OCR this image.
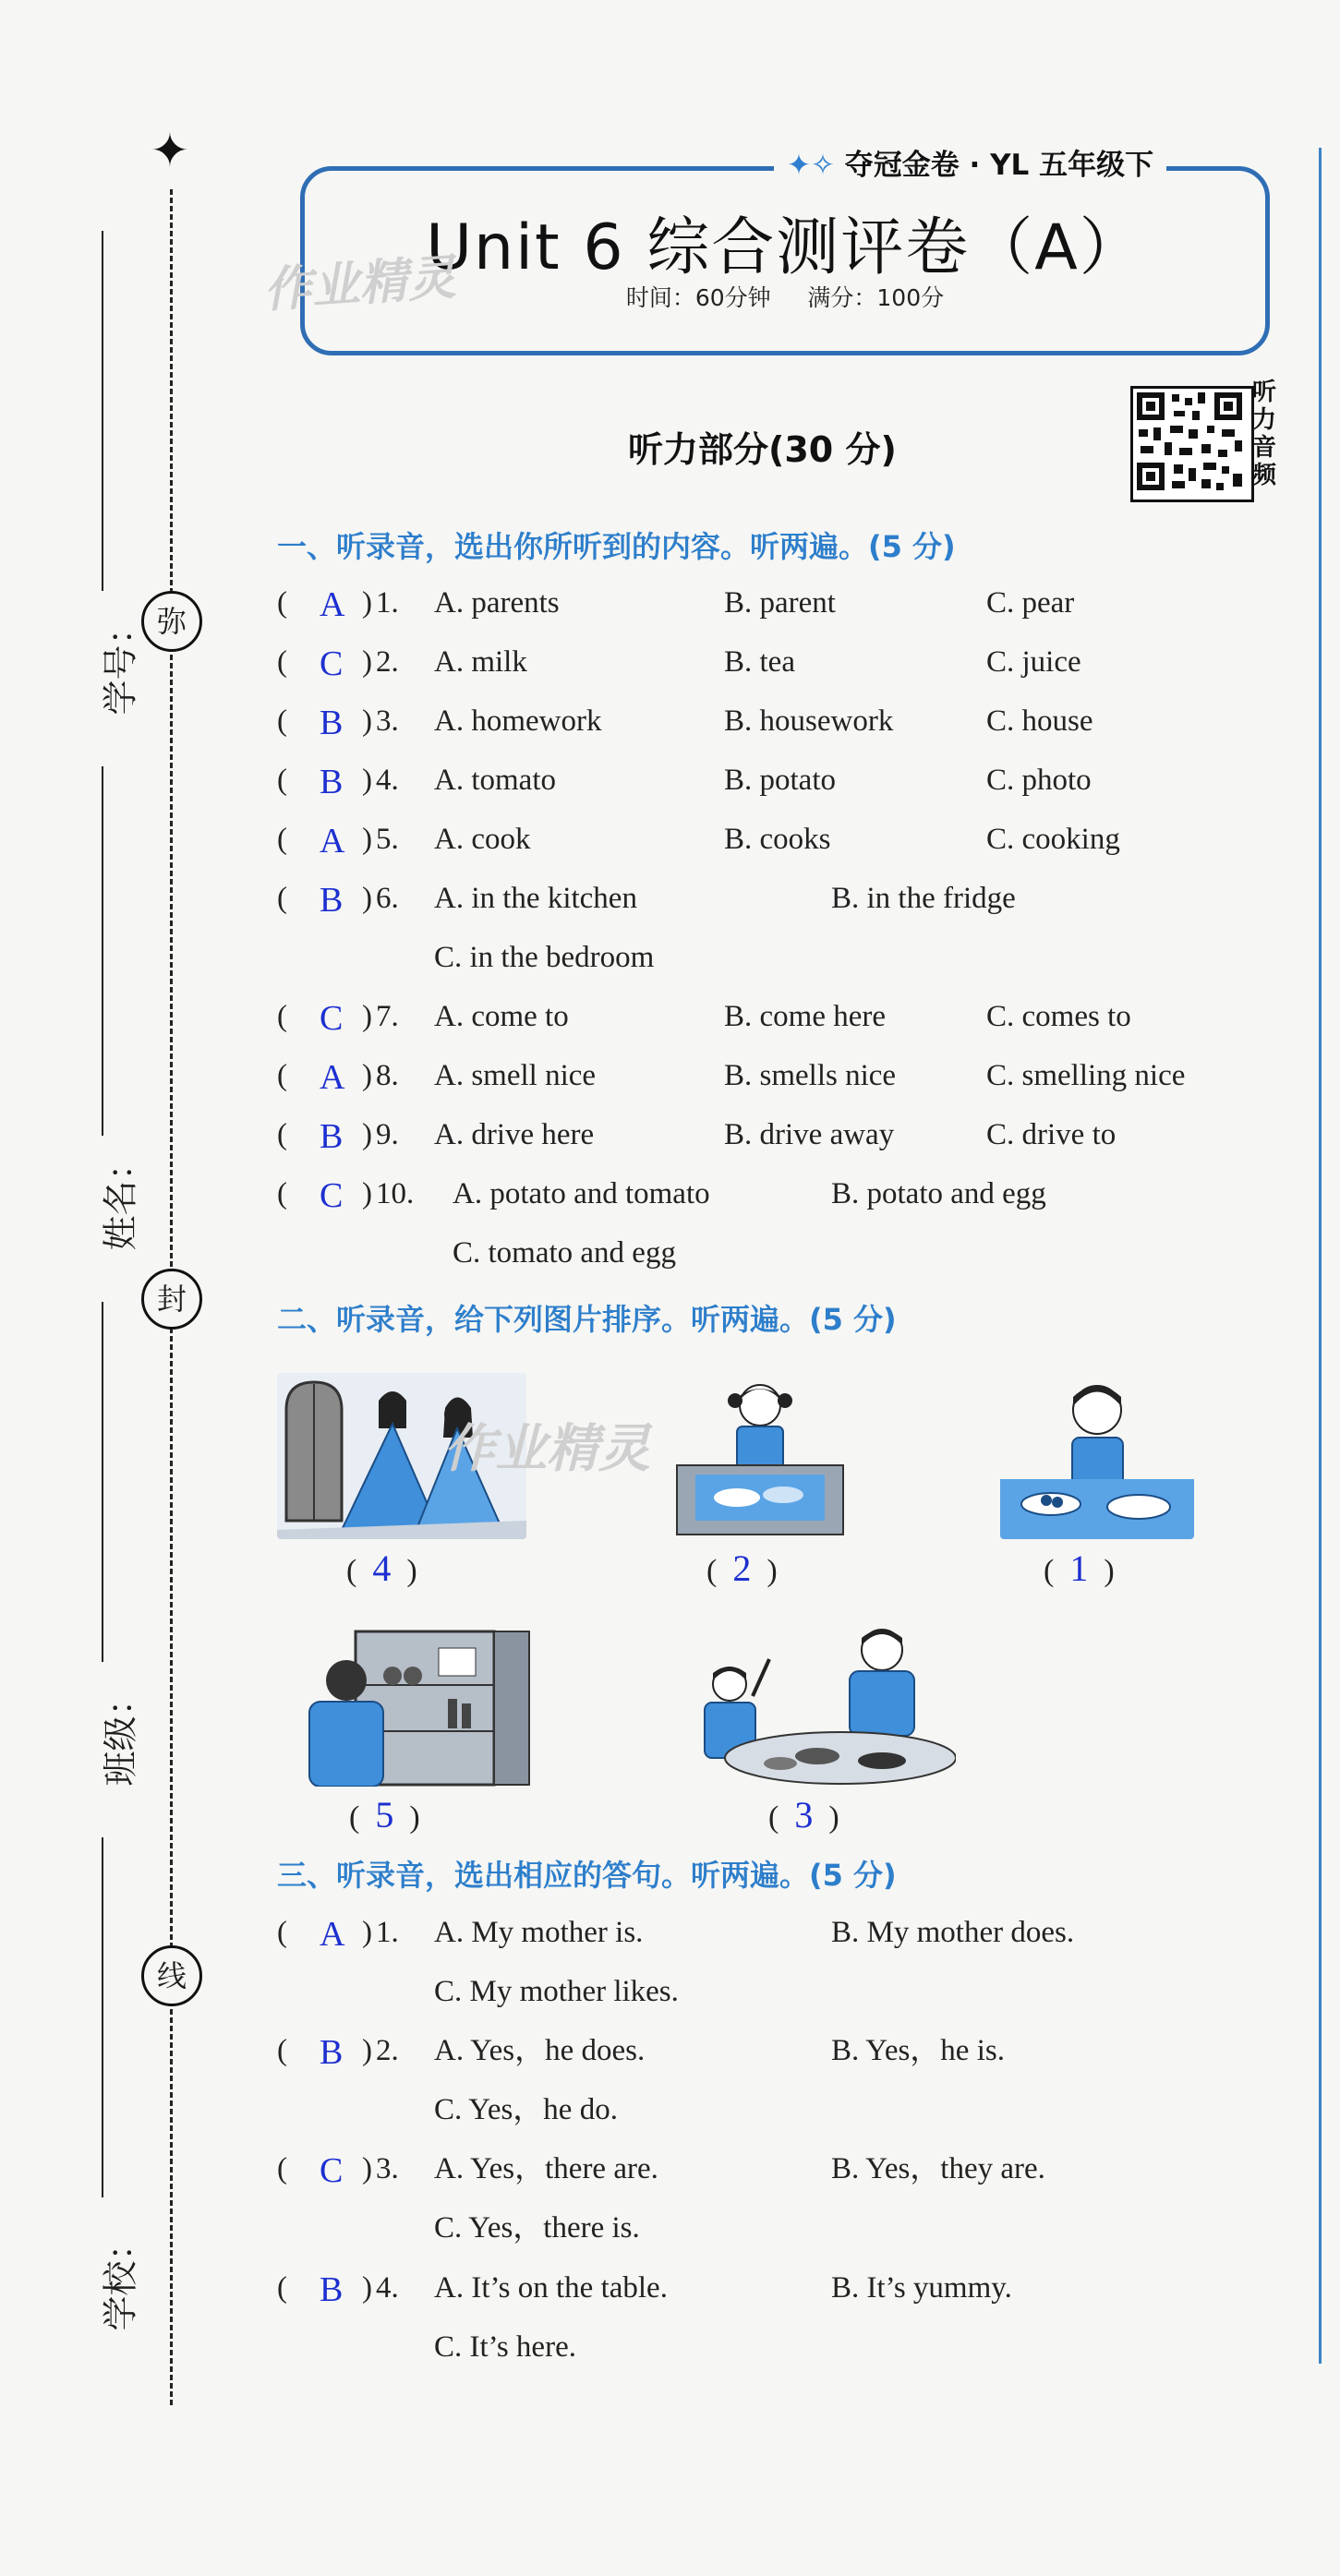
✦
弥
封
线
学号：
姓名：
班级：
学校：
✦✧ 夺冠金卷 · YL 五年级下
Unit 6 综合测评卷（A）
作业精灵	时间：60分钟 满分：100分
听力部分(30 分)
听
力
音
频
一、听录音，选出你所听到的内容。听两遍。(5 分)
( A ) 1. A. parents	B. parent	C. pear
( C ) 2. A. milk	B. tea	C. juice
( B ) 3. A. homework	B. housework	C. house
( B ) 4. A. tomato	B. potato	C. photo
( A ) 5. A. cook	B. cooks	C. cooking
( B ) 6. A. in the kitchen	B. in the fridge
C. in the bedroom
( C ) 7. A. come to	B. come here	C. comes to
( A ) 8. A. smell nice	B. smells nice	C. smelling nice
( B ) 9. A. drive here	B. drive away	C. drive to
( C ) 10. A. potato and tomato	B. potato and egg
C. tomato and egg
二、听录音，给下列图片排序。听两遍。(5 分)
作业精灵
(  4  )	(  2  )	(  1  )
(  5  )	(  3  )
三、听录音，选出相应的答句。听两遍。(5 分)
( A ) 1. A. My mother is.	B. My mother does.
C. My mother likes.
( B ) 2. A. Yes，he does.	B. Yes，he is.
C. Yes，he do.
( C ) 3. A. Yes，there are.	B. Yes，they are.
C. Yes，there is.
( B ) 4. A. It’s on the table.	B. It’s yummy.
C. It’s here.
